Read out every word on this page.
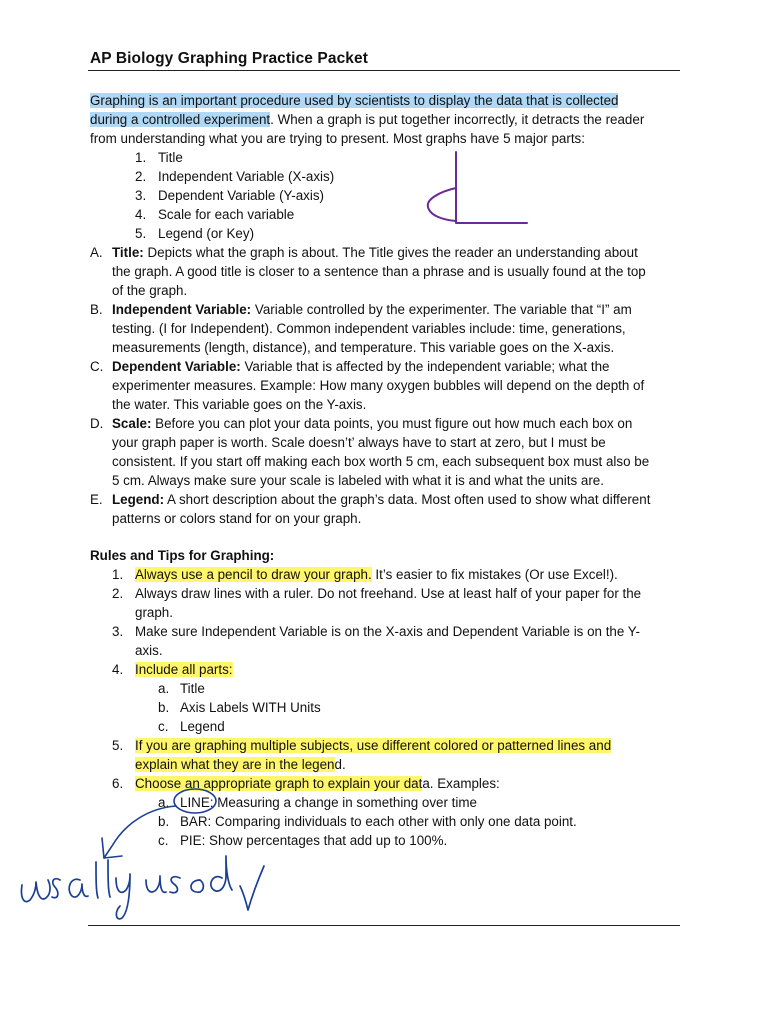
AP Biology Graphing Practice Packet
Graphing is an important procedure used by scientists to display the data that is collected
during a controlled experiment. When a graph is put together incorrectly, it detracts the reader
from understanding what you are trying to present. Most graphs have 5 major parts:
1. Title
2. Independent Variable (X-axis)
3. Dependent Variable (Y-axis)
4. Scale for each variable
5. Legend (or Key)
A. Title: Depicts what the graph is about. The Title gives the reader an understanding about
the graph. A good title is closer to a sentence than a phrase and is usually found at the top
of the graph.
B. Independent Variable: Variable controlled by the experimenter. The variable that “I” am
testing. (I for Independent). Common independent variables include: time, generations,
measurements (length, distance), and temperature. This variable goes on the X-axis.
C. Dependent Variable: Variable that is affected by the independent variable; what the
experimenter measures. Example: How many oxygen bubbles will depend on the depth of
the water. This variable goes on the Y-axis.
D. Scale: Before you can plot your data points, you must figure out how much each box on
your graph paper is worth. Scale doesn’t’ always have to start at zero, but I must be
consistent. If you start off making each box worth 5 cm, each subsequent box must also be
5 cm. Always make sure your scale is labeled with what it is and what the units are.
E. Legend: A short description about the graph’s data. Most often used to show what different
patterns or colors stand for on your graph.
Rules and Tips for Graphing:
1. Always use a pencil to draw your graph. It’s easier to fix mistakes (Or use Excel!).
2. Always draw lines with a ruler. Do not freehand. Use at least half of your paper for the
graph.
3. Make sure Independent Variable is on the X-axis and Dependent Variable is on the Y-
axis.
4. Include all parts:
a. Title
b. Axis Labels WITH Units
c. Legend
5. If you are graphing multiple subjects, use different colored or patterned lines and
explain what they are in the legend.
6. Choose an appropriate graph to explain your data. Examples:
a. LINE: Measuring a change in something over time
b. BAR: Comparing individuals to each other with only one data point.
c. PIE: Show percentages that add up to 100%.
